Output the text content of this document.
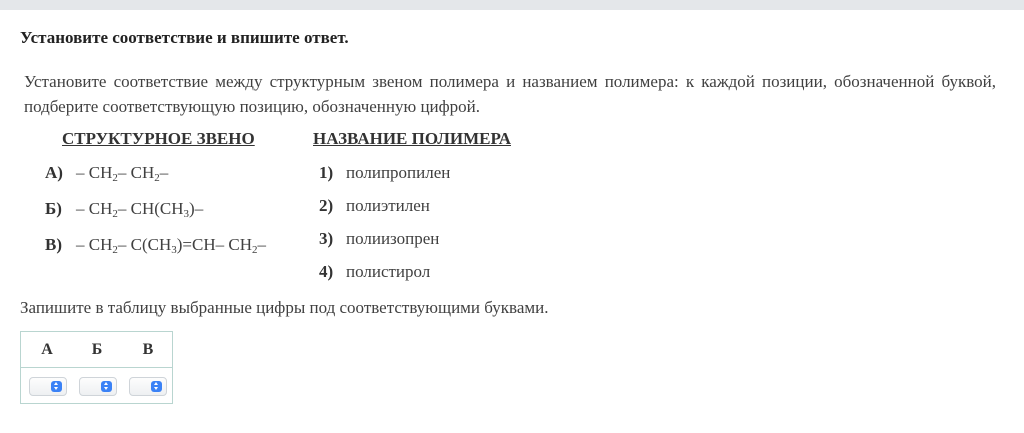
Установите соответствие и впишите ответ.
Установите соответствие между структурным звеном полимера и названием полимера: к каждой позиции, обозначенной буквой, подберите соответствующую позицию, обозначенную цифрой.
СТРУКТУРНОЕ ЗВЕНО	НАЗВАНИЕ ПОЛИМЕРА
$А) - CH_2-$ $CH_2-$
$Б) - CH_2-$ $CH(CH_3)-$
$В) - CH_2-$ $C(CH_3)=CH-$ $CH_2-$
1) полипропилен
2) полиэтилен
3) полиизопрен
4) полистирол
Запишите в таблицу выбранные цифры под соответствующими буквами.
А	Б	В
